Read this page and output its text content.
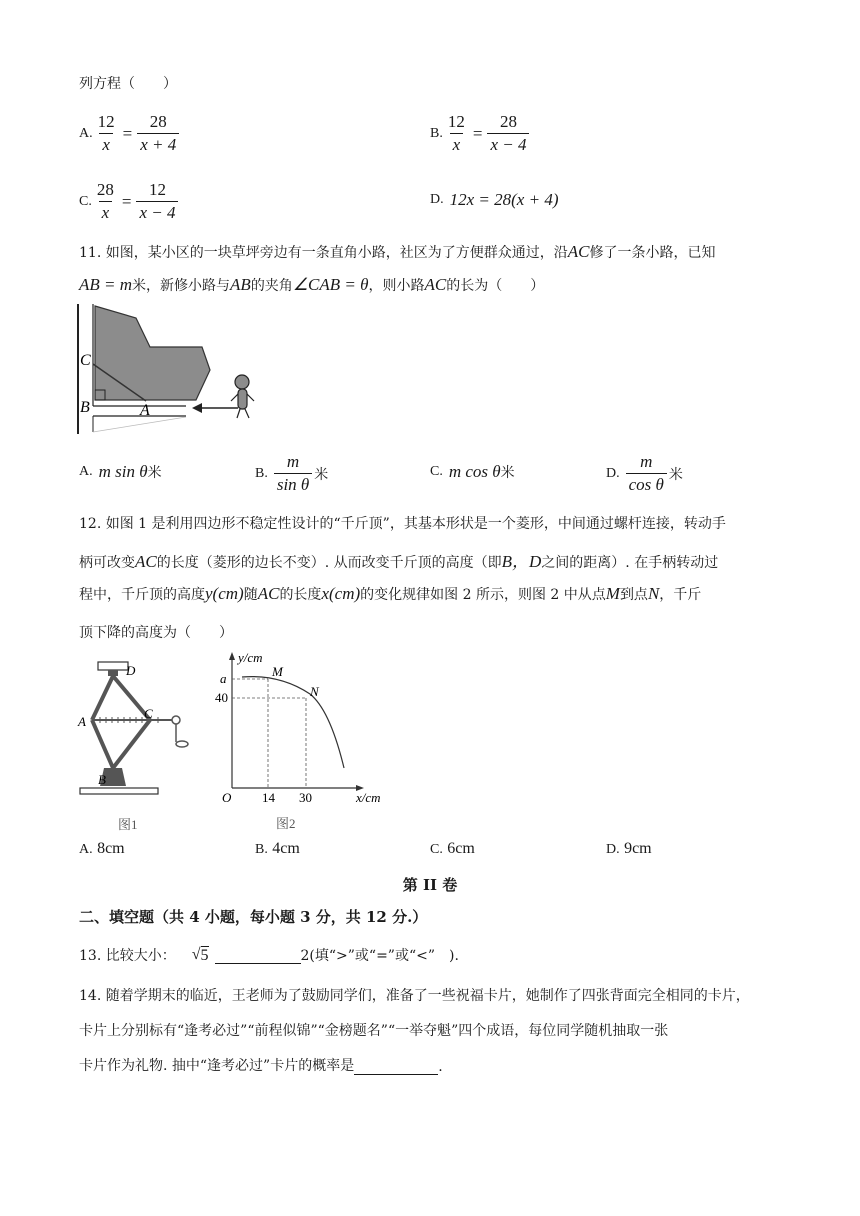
列方程（　　）
A. $\frac{12}{x} = \frac{28}{x + 4}$	B. $\frac{12}{x} = \frac{28}{x - 4}$
C. $\frac{28}{x} = \frac{12}{x - 4}$	D. 12x = 28(x + 4)
11. 如图，某小区的一块草坪旁边有一条直角小路，社区为了方便群众通过，沿AC修了一条小路，已知
AB = m米，新修小路与AB的夹角∠CAB = θ，则小路AC的长为（　　）
C
B	A
A. m sin θ 米	B. $\frac{m}{\text{sin θ}}$ 米	C. m cos θ 米	D. $\frac{m}{\text{cos θ}}$ 米
12. 如图 1 是利用四边形不稳定性设计的“千斤顶”，其基本形状是一个菱形，中间通过螺杆连接，转动手
柄可改变AC的长度（菱形的边长不变）. 从而改变千斤顶的高度（即B，D之间的距离）. 在手柄转动过
程中，千斤顶的高度y(cm)随AC的长度x(cm)的变化规律如图 2 所示，则图 2 中从点M到点N，千斤
顶下降的高度为（　　）
D
A
C
B
图1
y/cm
x/cm
O
a
40
14 30
M
N
图2
A. 8cm	B. 4cm	C. 6cm	D. 9cm
第 II 卷
二、填空题（共 4 小题，每小题 3 分，共 12 分.）
13. 比较大小： √ 5	2(填“>”或“=”或“<”　).
14. 随着学期末的临近，王老师为了鼓励同学们，准备了一些祝福卡片，她制作了四张背面完全相同的卡片，
卡片上分别标有“逢考必过”“前程似锦”“金榜题名”“一举夺魁”四个成语，每位同学随机抽取一张
卡片作为礼物. 抽中“逢考必过”卡片的概率是	.
